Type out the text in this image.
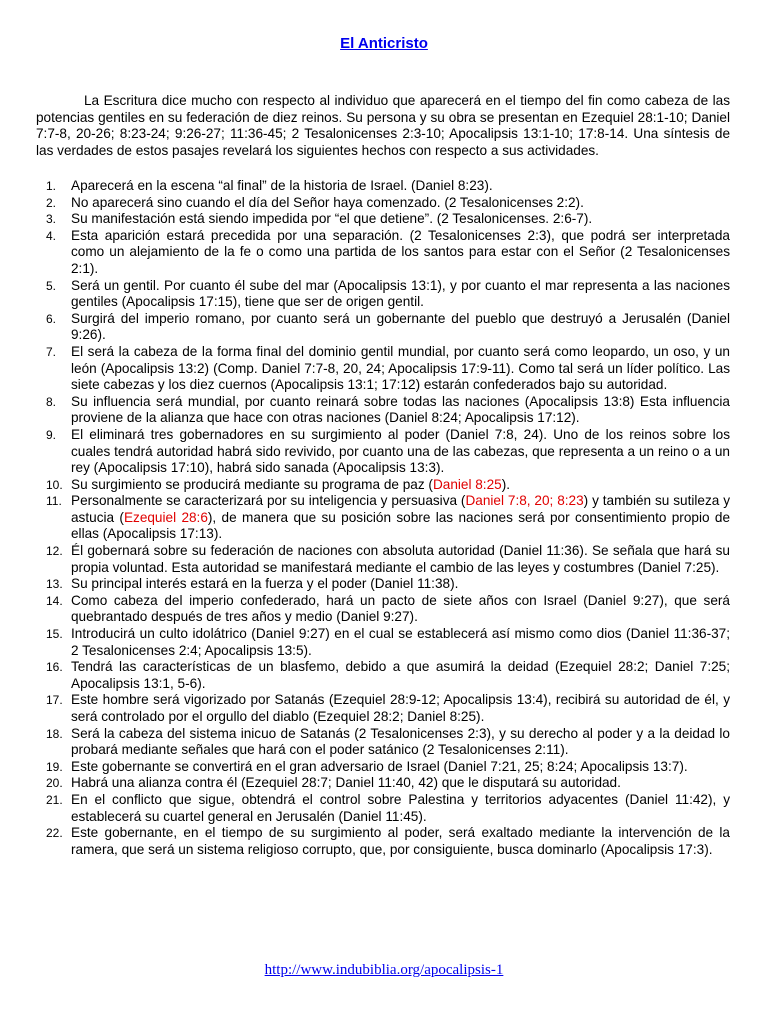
El Anticristo

La Escritura dice mucho con respecto al individuo que aparecerá en el tiempo del fin como cabeza de las potencias gentiles en su federación de diez reinos. Su persona y su obra se presentan en Ezequiel 28:1-10; Daniel 7:7-8, 20-26; 8:23-24; 9:26-27; 11:36-45; 2 Tesalonicenses 2:3-10; Apocalipsis 13:1-10; 17:8-14. Una síntesis de las verdades de estos pasajes revelará los siguientes hechos con respecto a sus actividades.

1. Aparecerá en la escena “al final” de la historia de Israel. (Daniel 8:23).
2. No aparecerá sino cuando el día del Señor haya comenzado. (2 Tesalonicenses 2:2).
3. Su manifestación está siendo impedida por “el que detiene”. (2 Tesalonicenses. 2:6-7).
4. Esta aparición estará precedida por una separación. (2 Tesalonicenses 2:3), que podrá ser interpretada como un alejamiento de la fe o como una partida de los santos para estar con el Señor (2 Tesalonicenses 2:1).
5. Será un gentil. Por cuanto él sube del mar (Apocalipsis 13:1), y por cuanto el mar representa a las naciones gentiles (Apocalipsis 17:15), tiene que ser de origen gentil.
6. Surgirá del imperio romano, por cuanto será un gobernante del pueblo que destruyó a Jerusalén (Daniel 9:26).
7. El será la cabeza de la forma final del dominio gentil mundial, por cuanto será como leopardo, un oso, y un león (Apocalipsis 13:2) (Comp. Daniel 7:7-8, 20, 24; Apocalipsis 17:9-11). Como tal será un líder político. Las siete cabezas y los diez cuernos (Apocalipsis 13:1; 17:12) estarán confederados bajo su autoridad.
8. Su influencia será mundial, por cuanto reinará sobre todas las naciones (Apocalipsis 13:8) Esta influencia proviene de la alianza que hace con otras naciones (Daniel 8:24; Apocalipsis 17:12).
9. El eliminará tres gobernadores en su surgimiento al poder (Daniel 7:8, 24). Uno de los reinos sobre los cuales tendrá autoridad habrá sido revivido, por cuanto una de las cabezas, que representa a un reino o a un rey (Apocalipsis 17:10), habrá sido sanada (Apocalipsis 13:3).
10. Su surgimiento se producirá mediante su programa de paz (Daniel 8:25).
11. Personalmente se caracterizará por su inteligencia y persuasiva (Daniel 7:8, 20; 8:23) y también su sutileza y astucia (Ezequiel 28:6), de manera que su posición sobre las naciones será por consentimiento propio de ellas (Apocalipsis 17:13).
12. Él gobernará sobre su federación de naciones con absoluta autoridad (Daniel 11:36). Se señala que hará su propia voluntad. Esta autoridad se manifestará mediante el cambio de las leyes y costumbres (Daniel 7:25).
13. Su principal interés estará en la fuerza y el poder (Daniel 11:38).
14. Como cabeza del imperio confederado, hará un pacto de siete años con Israel (Daniel 9:27), que será quebrantado después de tres años y medio (Daniel 9:27).
15. Introducirá un culto idolátrico (Daniel 9:27) en el cual se establecerá así mismo como dios (Daniel 11:36-37; 2 Tesalonicenses 2:4; Apocalipsis 13:5).
16. Tendrá las características de un blasfemo, debido a que asumirá la deidad (Ezequiel 28:2; Daniel 7:25; Apocalipsis 13:1, 5-6).
17. Este hombre será vigorizado por Satanás (Ezequiel 28:9-12; Apocalipsis 13:4), recibirá su autoridad de él, y será controlado por el orgullo del diablo (Ezequiel 28:2; Daniel 8:25).
18. Será la cabeza del sistema inicuo de Satanás (2 Tesalonicenses 2:3), y su derecho al poder y a la deidad lo probará mediante señales que hará con el poder satánico (2 Tesalonicenses 2:11).
19. Este gobernante se convertirá en el gran adversario de Israel (Daniel 7:21, 25; 8:24; Apocalipsis 13:7).
20. Habrá una alianza contra él (Ezequiel 28:7; Daniel 11:40, 42) que le disputará su autoridad.
21. En el conflicto que sigue, obtendrá el control sobre Palestina y territorios adyacentes (Daniel 11:42), y establecerá su cuartel general en Jerusalén (Daniel 11:45).
22. Este gobernante, en el tiempo de su surgimiento al poder, será exaltado mediante la intervención de la ramera, que será un sistema religioso corrupto, que, por consiguiente, busca dominarlo (Apocalipsis 17:3).
http://www.indubiblia.org/apocalipsis-1
